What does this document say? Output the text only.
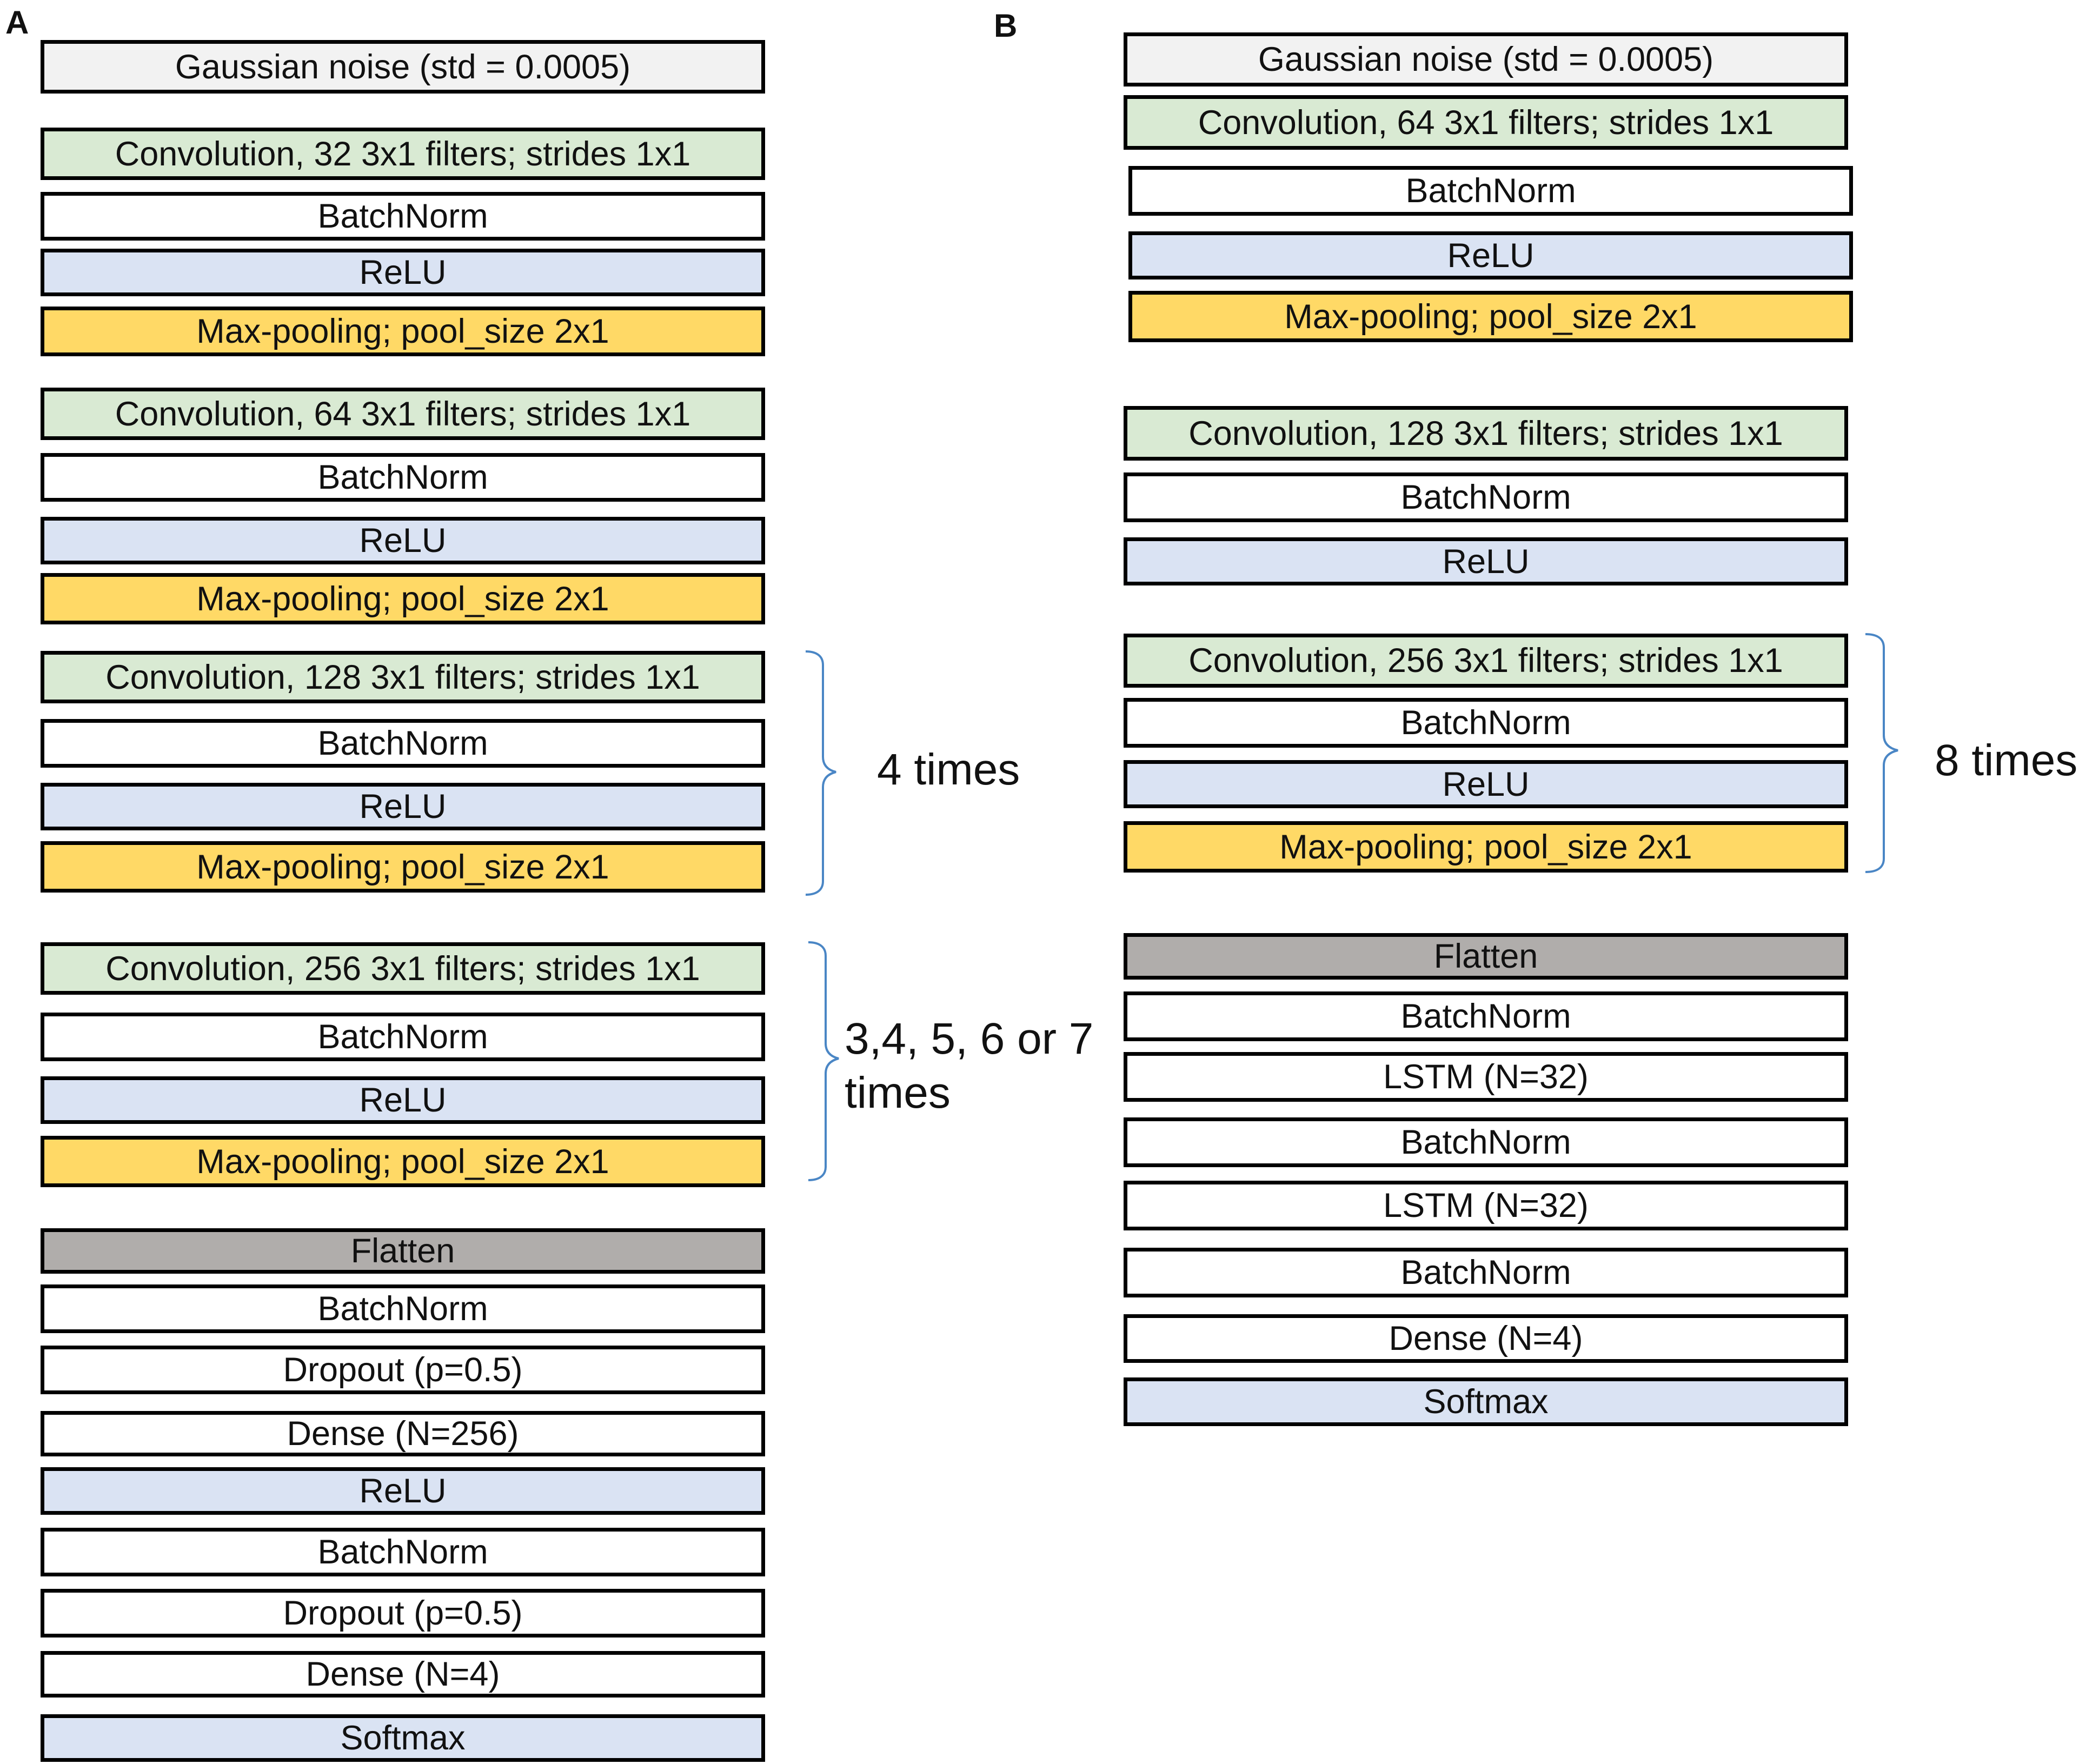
A	B
Gaussian noise (std = 0.0005)
Convolution, 32 3x1 filters; strides 1x1
BatchNorm
ReLU
Max-pooling; pool_size 2x1
Convolution, 64 3x1 filters; strides 1x1
BatchNorm
ReLU
Max-pooling; pool_size 2x1
Convolution, 128 3x1 filters; strides 1x1
BatchNorm
ReLU
Max-pooling; pool_size 2x1
Convolution, 256 3x1 filters; strides 1x1
BatchNorm
ReLU
Max-pooling; pool_size 2x1
Flatten
BatchNorm
Dropout (p=0.5)
Dense (N=256)
ReLU
BatchNorm
Dropout (p=0.5)
Dense (N=4)
Softmax
4 times
3,4, 5, 6 or 7
times
Gaussian noise (std = 0.0005)
Convolution, 64 3x1 filters; strides 1x1
BatchNorm
ReLU
Max-pooling; pool_size 2x1
Convolution, 128 3x1 filters; strides 1x1
BatchNorm
ReLU
Convolution, 256 3x1 filters; strides 1x1
BatchNorm
ReLU
Max-pooling; pool_size 2x1
Flatten
BatchNorm
LSTM (N=32)
BatchNorm
LSTM (N=32)
BatchNorm
Dense (N=4)
Softmax
8 times
